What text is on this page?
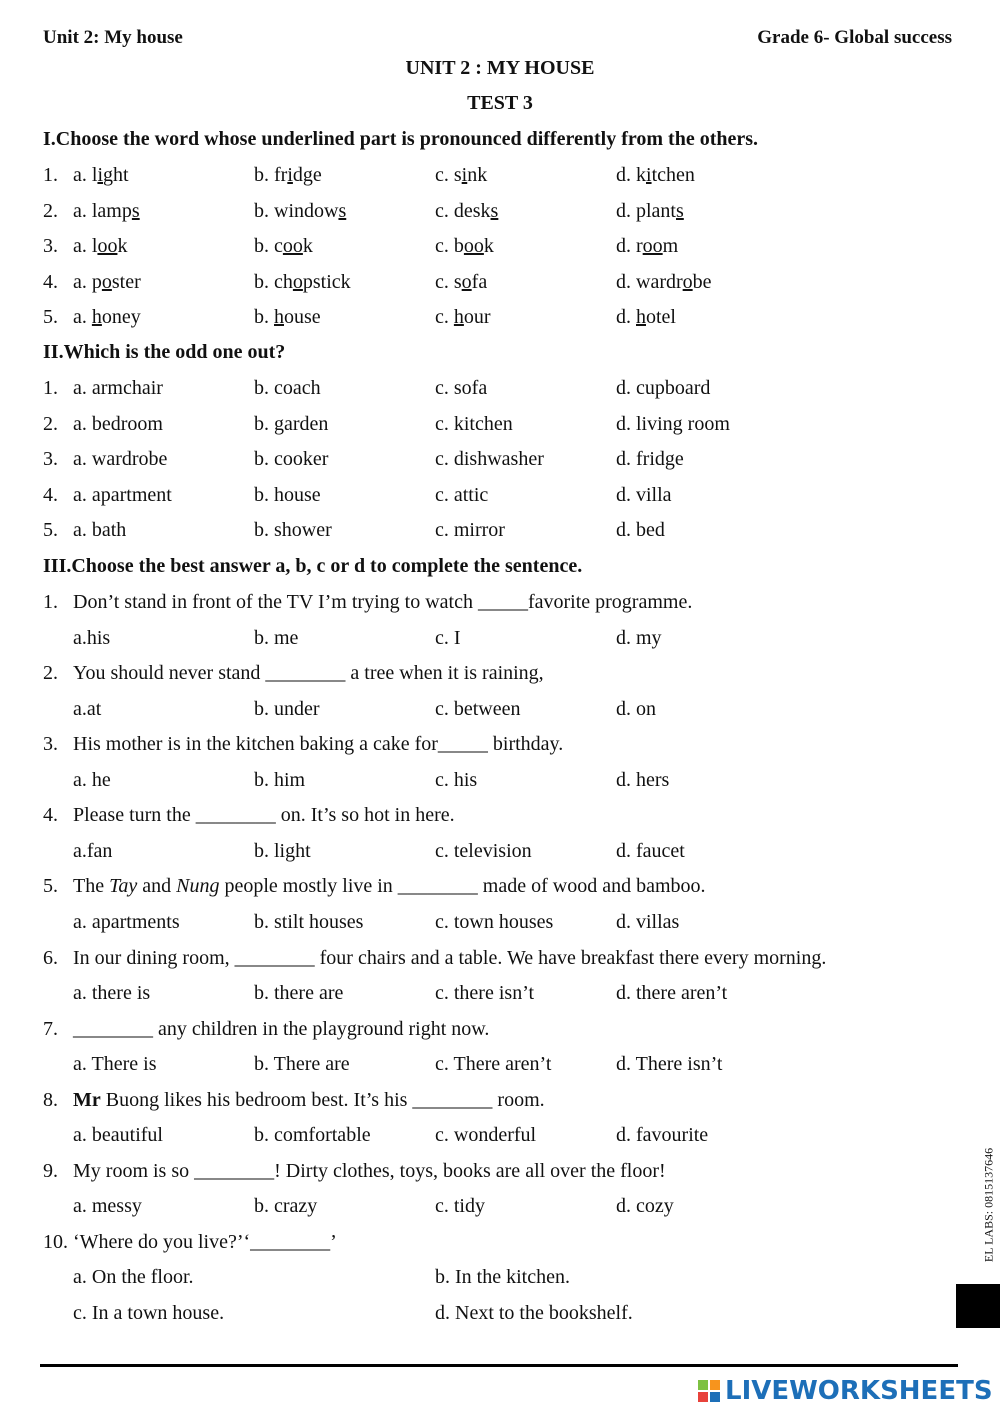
Unit 2: My house	Grade 6- Global success
UNIT 2 : MY HOUSE
TEST 3
I.Choose the word whose underlined part is pronounced differently from the others.
1. a. light	b. fridge	c. sink	d. kitchen
2. a. lamps	b. windows	c. desks	d. plants
3. a. look	b. cook	c. book	d. room
4. a. poster	b. chopstick	c. sofa	d. wardrobe
5. a. honey	b. house	c. hour	d. hotel
II.Which is the odd one out?
1. a. armchair	b. coach	c. sofa	d. cupboard
2. a. bedroom	b. garden	c. kitchen	d. living room
3. a. wardrobe	b. cooker	c. dishwasher	d. fridge
4. a. apartment	b. house	c. attic	d. villa
5. a. bath	b. shower	c. mirror	d. bed
III.Choose the best answer a, b, c or d to complete the sentence.
1. Don’t stand in front of the TV I’m trying to watch _____favorite programme.
a.his	b. me	c. I	d. my
2. You should never stand ________ a tree when it is raining,
a.at	b. under	c. between	d. on
3. His mother is in the kitchen baking a cake for_____ birthday.
a. he	b. him	c. his	d. hers
4. Please turn the ________ on. It’s so hot in here.
a.fan	b. light	c. television	d. faucet
5. The Tay and Nung people mostly live in ________ made of wood and bamboo.
a. apartments	b. stilt houses	c. town houses	d. villas
6. In our dining room, ________ four chairs and a table. We have breakfast there every morning.
a. there is	b. there are	c. there isn’t	d. there aren’t
7. ________ any children in the playground right now.
a. There is	b. There are	c. There aren’t	d. There isn’t
8. Mr Buong likes his bedroom best. It’s his ________ room.
a. beautiful	b. comfortable	c. wonderful	d. favourite
9. My room is so ________! Dirty clothes, toys, books are all over the floor!
a. messy	b. crazy	c. tidy	d. cozy
10. ‘Where do you live?’‘________’
a. On the floor.	b. In the kitchen.
c. In a town house.	d. Next to the bookshelf.
EL LABS: 0815137646
LIVEWORKSHEETS
